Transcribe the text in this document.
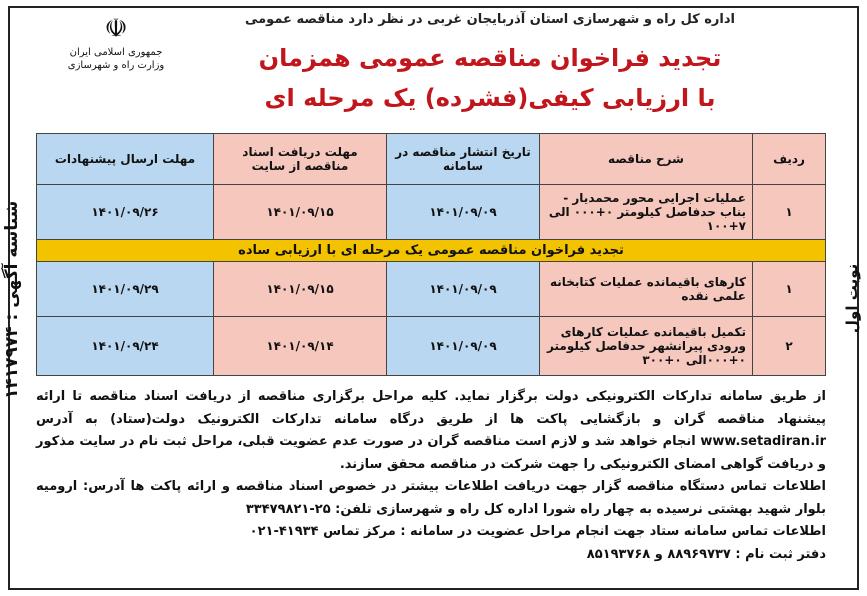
شناسه آگهی : ۱۴۱۷۹۷۴	نوبت اول
☫
جمهوری اسلامی ایران
وزارت راه و شهرسازی
اداره کل راه و شهرسازی استان آذربایجان غربی در نظر دارد مناقصه عمومی
تجدید فراخوان مناقصه عمومی همزمان
با ارزیابی کیفی(فشرده) یک مرحله ای
ردیف	شرح مناقصه	تاریخ انتشار مناقصه در سامانه	مهلت دریافت اسناد مناقصه از سایت	مهلت ارسال پیشنهادات
۱	عملیات اجرایی محور محمدیار - بناب حدفاصل کیلومتر ۰+۰۰۰ الی ۷+۱۰۰	۱۴۰۱/۰۹/۰۹	۱۴۰۱/۰۹/۱۵	۱۴۰۱/۰۹/۲۶
تجدید فراخوان مناقصه عمومی یک مرحله ای با ارزیابی ساده				
۱	کارهای باقیمانده عملیات کتابخانه علمی نقده	۱۴۰۱/۰۹/۰۹	۱۴۰۱/۰۹/۱۵	۱۴۰۱/۰۹/۲۹
۲	تکمیل باقیمانده عملیات کارهای ورودی پیرانشهر حدفاصل کیلومتر ۰+۰۰۰الی ۰+۳۰۰	۱۴۰۱/۰۹/۰۹	۱۴۰۱/۰۹/۱۴	۱۴۰۱/۰۹/۲۴

از طریق سامانه تدارکات الکترونیکی دولت برگزار نماید. کلیه مراحل برگزاری مناقصه از دریافت اسناد مناقصه تا ارائه پیشنهاد مناقصه گران و بازگشایی پاکت ها از طریق درگاه سامانه تدارکات الکترونیک دولت(ستاد) به آدرس www.setadiran.ir انجام خواهد شد و لازم است مناقصه گران در صورت عدم عضویت قبلی، مراحل ثبت نام در سایت مذکور و دریافت گواهی امضای الکترونیکی را جهت شرکت در مناقصه محقق سازند.

اطلاعات تماس دستگاه مناقصه گزار جهت دریافت اطلاعات بیشتر در خصوص اسناد مناقصه و ارائه پاکت ها آدرس: ارومیه بلوار شهید بهشتی نرسیده به چهار راه شورا اداره کل راه و شهرسازی تلفن: ۲۵-۳۳۴۷۹۸۲۱

اطلاعات تماس سامانه ستاد جهت انجام مراحل عضویت در سامانه : مرکز تماس ۴۱۹۳۴-۰۲۱

دفتر ثبت نام : ۸۸۹۶۹۷۳۷ و ۸۵۱۹۳۷۶۸
